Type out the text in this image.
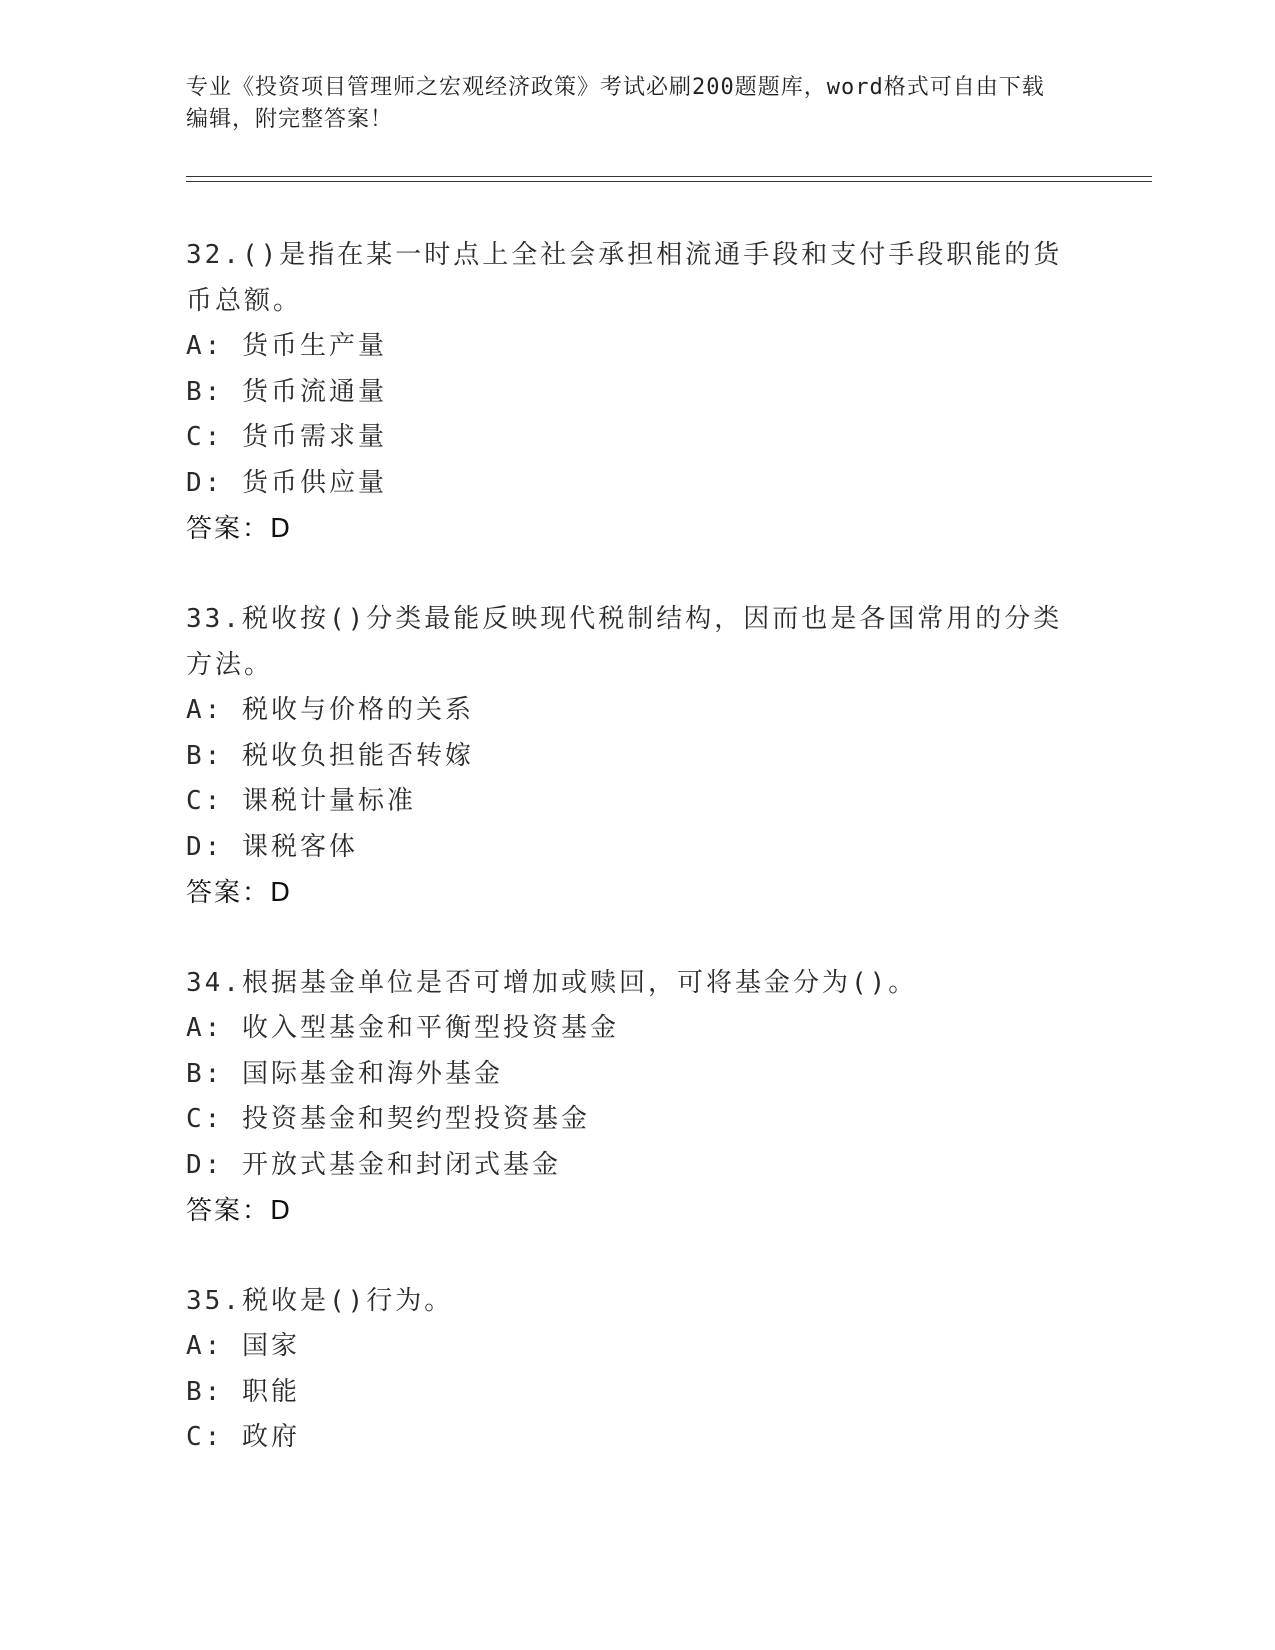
专业《投资项目管理师之宏观经济政策》考试必刷200题题库，word格式可自由下载编辑，附完整答案！
32.()是指在某一时点上全社会承担相流通手段和支付手段职能的货币总额。
A: 货币生产量
B: 货币流通量
C: 货币需求量
D: 货币供应量
答案：D
33.税收按()分类最能反映现代税制结构，因而也是各国常用的分类方法。
A: 税收与价格的关系
B: 税收负担能否转嫁
C: 课税计量标准
D: 课税客体
答案：D
34.根据基金单位是否可增加或赎回，可将基金分为()。
A: 收入型基金和平衡型投资基金
B: 国际基金和海外基金
C: 投资基金和契约型投资基金
D: 开放式基金和封闭式基金
答案：D
35.税收是()行为。
A: 国家
B: 职能
C: 政府
